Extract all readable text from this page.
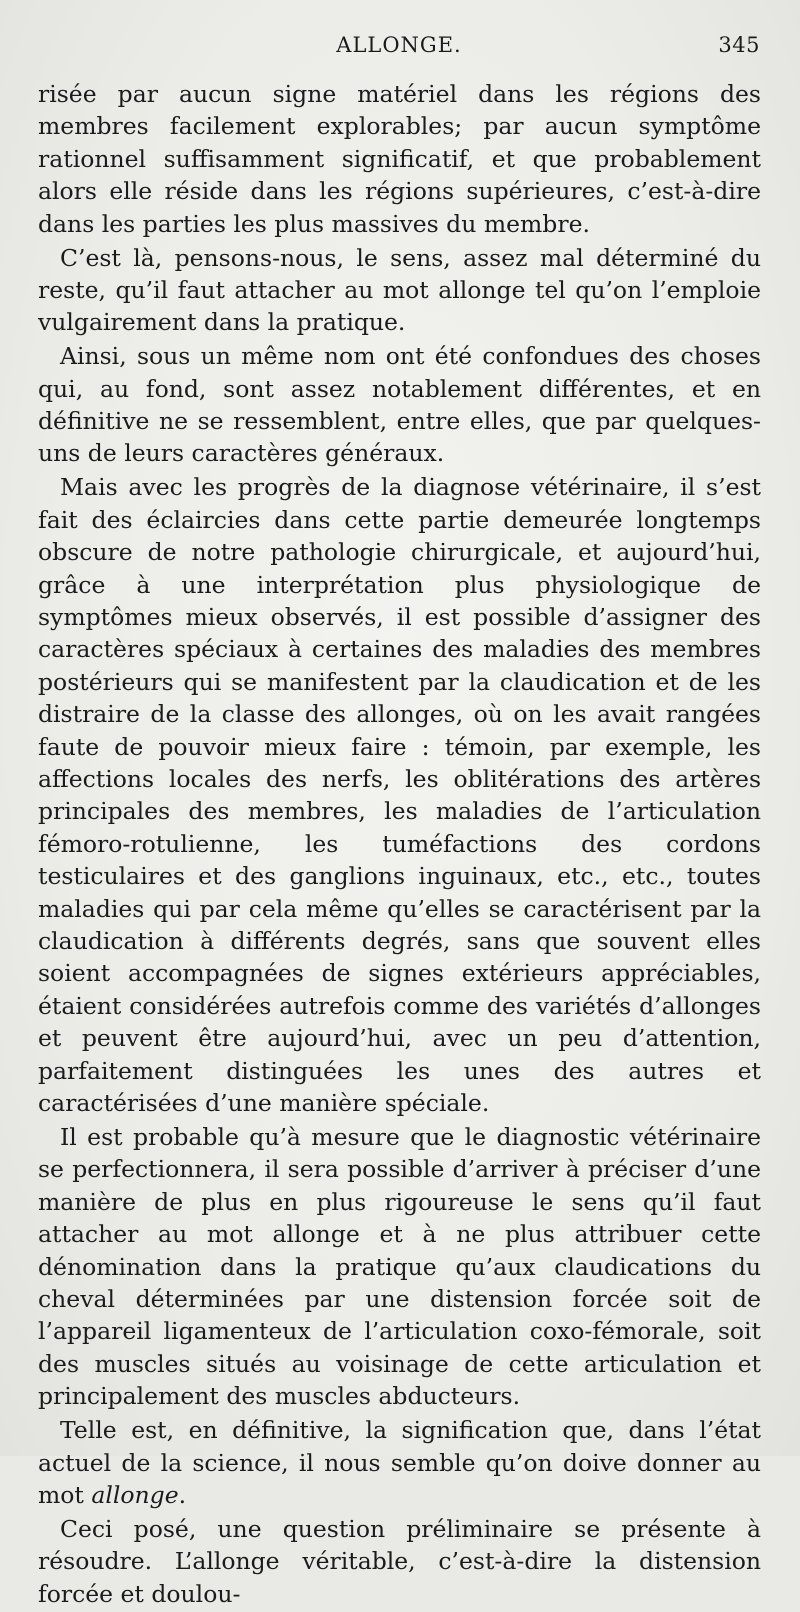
ALLONGE.	345

risée par aucun signe matériel dans les régions des membres facilement explorables; par aucun symptôme rationnel suffisamment significatif, et que probablement alors elle réside dans les régions supérieures, c’est-à-dire dans les parties les plus massives du membre.

C’est là, pensons-nous, le sens, assez mal déterminé du reste, qu’il faut attacher au mot allonge tel qu’on l’emploie vulgairement dans la pratique.

Ainsi, sous un même nom ont été confondues des choses qui, au fond, sont assez notablement différentes, et en définitive ne se ressemblent, entre elles, que par quelques-uns de leurs caractères généraux.

Mais avec les progrès de la diagnose vétérinaire, il s’est fait des éclaircies dans cette partie demeurée longtemps obscure de notre pathologie chirurgicale, et aujourd’hui, grâce à une interprétation plus physiologique de symptômes mieux observés, il est possible d’assigner des caractères spéciaux à certaines des maladies des membres postérieurs qui se manifestent par la claudication et de les distraire de la classe des allonges, où on les avait rangées faute de pouvoir mieux faire : témoin, par exemple, les affections locales des nerfs, les oblitérations des artères principales des membres, les maladies de l’articulation fémoro-rotulienne, les tuméfactions des cordons testiculaires et des ganglions inguinaux, etc., etc., toutes maladies qui par cela même qu’elles se caractérisent par la claudication à différents degrés, sans que souvent elles soient accompagnées de signes extérieurs appréciables, étaient considérées autrefois comme des variétés d’allonges et peuvent être aujourd’hui, avec un peu d’attention, parfaitement distinguées les unes des autres et caractérisées d’une manière spéciale.

Il est probable qu’à mesure que le diagnostic vétérinaire se perfectionnera, il sera possible d’arriver à préciser d’une manière de plus en plus rigoureuse le sens qu’il faut attacher au mot allonge et à ne plus attribuer cette dénomination dans la pratique qu’aux claudications du cheval déterminées par une distension forcée soit de l’appareil ligamenteux de l’articulation coxo-fémorale, soit des muscles situés au voisinage de cette articulation et principalement des muscles abducteurs.

Telle est, en définitive, la signification que, dans l’état actuel de la science, il nous semble qu’on doive donner au mot allonge.

Ceci posé, une question préliminaire se présente à résoudre. L’allonge véritable, c’est-à-dire la distension forcée et doulou-
